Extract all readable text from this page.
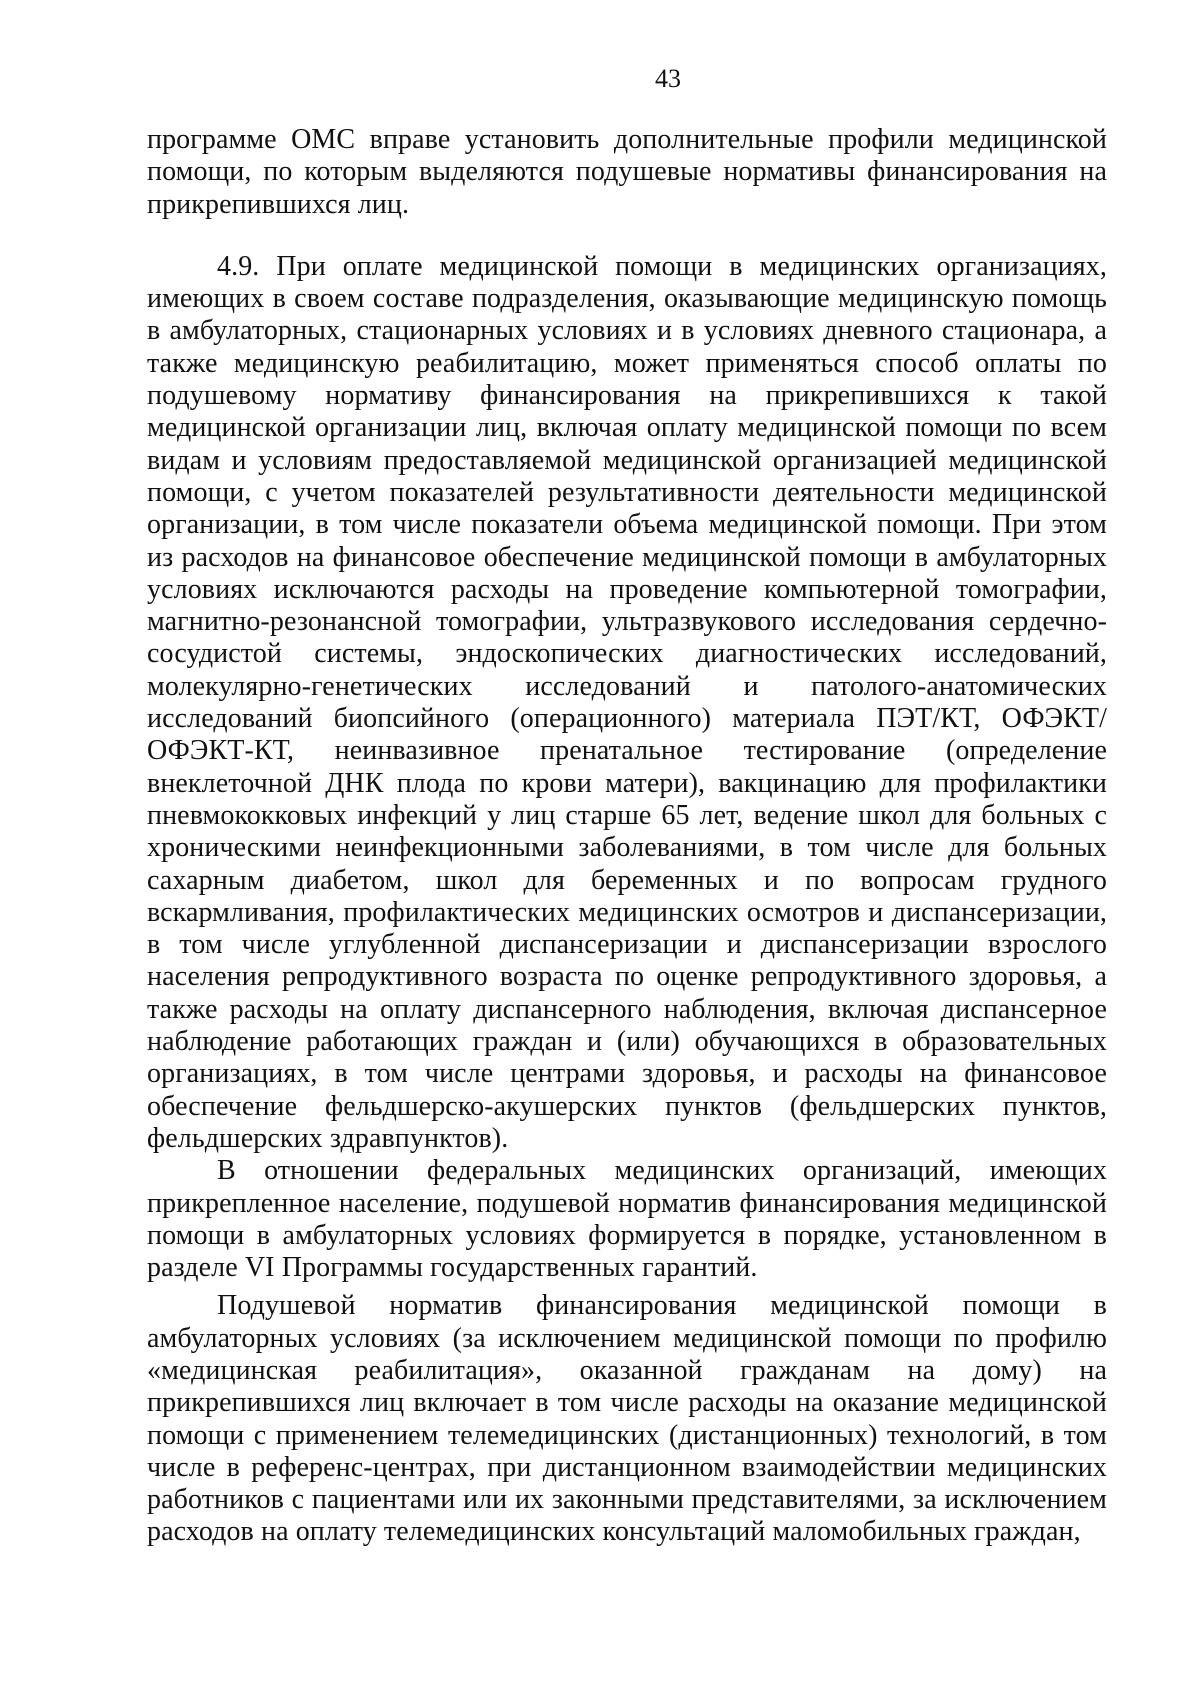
43

программе ОМС вправе установить дополнительные профили медицинской помощи, по которым выделяются подушевые нормативы финансирования на прикрепившихся лиц.

4.9. При оплате медицинской помощи в медицинских организациях, имеющих в своем составе подразделения, оказывающие медицинскую помощь в амбулаторных, стационарных условиях и в условиях дневного стационара, а также медицинскую реабилитацию, может применяться способ оплаты по подушевому нормативу финансирования на прикрепившихся к такой медицинской организации лиц, включая оплату медицинской помощи по всем видам и условиям предоставляемой медицинской организацией медицинской помощи, с учетом показателей результативности деятельности медицинской организации, в том числе показатели объема медицинской помощи. При этом из расходов на финансовое обеспечение медицинской помощи в амбулаторных условиях исключаются расходы на проведение компьютерной томографии, магнитно-резонансной томографии, ультразвукового исследования сердечно-сосудистой системы, эндоскопических диагностических исследований, молекулярно-генетических исследований и патолого-анатомических исследований биопсийного (операционного) материала ПЭТ/КТ, ОФЭКТ/ОФЭКТ-КТ, неинвазивное пренатальное тестирование (определение внеклеточной ДНК плода по крови матери), вакцинацию для профилактики пневмококковых инфекций у лиц старше 65 лет, ведение школ для больных с хроническими неинфекционными заболеваниями, в том числе для больных сахарным диабетом, школ для беременных и по вопросам грудного вскармливания, профилактических медицинских осмотров и диспансеризации, в том числе углубленной диспансеризации и диспансеризации взрослого населения репродуктивного возраста по оценке репродуктивного здоровья, а также расходы на оплату диспансерного наблюдения, включая диспансерное наблюдение работающих граждан и (или) обучающихся в образовательных организациях, в том числе центрами здоровья, и расходы на финансовое обеспечение фельдшерско-акушерских пунктов (фельдшерских пунктов, фельдшерских здравпунктов).

В отношении федеральных медицинских организаций, имеющих прикрепленное население, подушевой норматив финансирования медицинской помощи в амбулаторных условиях формируется в порядке, установленном в разделе VI Программы государственных гарантий.

Подушевой норматив финансирования медицинской помощи в амбулаторных условиях (за исключением медицинской помощи по профилю «медицинская реабилитация», оказанной гражданам на дому) на прикрепившихся лиц включает в том числе расходы на оказание медицинской помощи с применением телемедицинских (дистанционных) технологий, в том числе в референс-центрах, при дистанционном взаимодействии медицинских работников с пациентами или их законными представителями, за исключением расходов на оплату телемедицинских консультаций маломобильных граждан,
